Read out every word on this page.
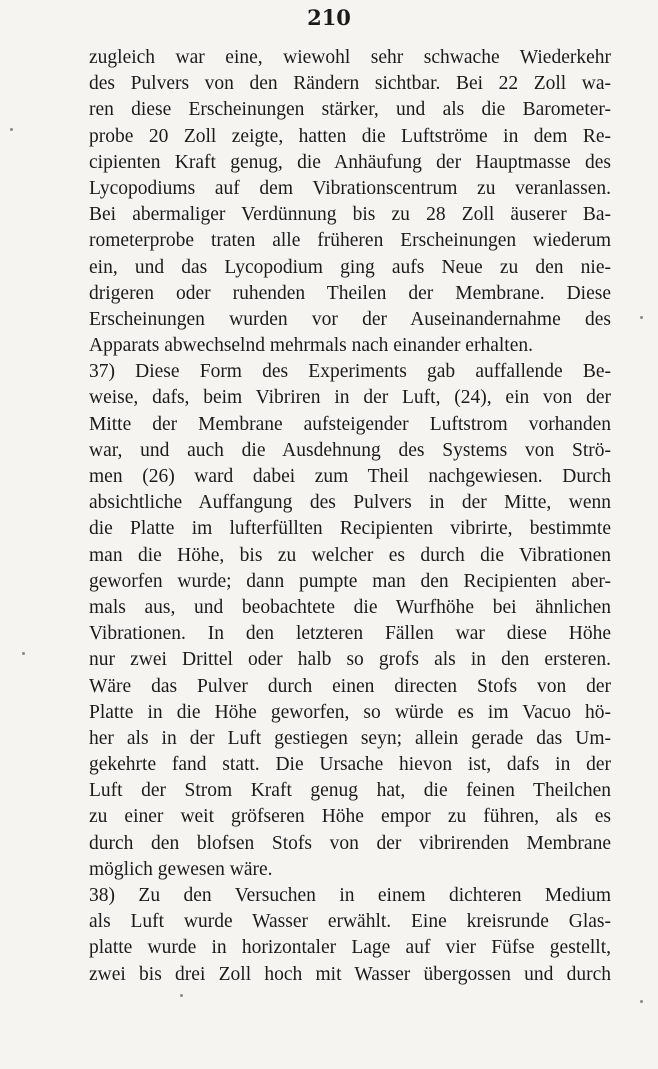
210
zugleich war eine, wiewohl sehr schwache Wiederkehr
des Pulvers von den Rändern sichtbar. Bei 22 Zoll wa-
ren diese Erscheinungen stärker, und als die Barometer-
probe 20 Zoll zeigte, hatten die Luftströme in dem Re-
cipienten Kraft genug, die Anhäufung der Hauptmasse des
Lycopodiums auf dem Vibrationscentrum zu veranlassen.
Bei abermaliger Verdünnung bis zu 28 Zoll äuserer Ba-
rometerprobe traten alle früheren Erscheinungen wiederum
ein, und das Lycopodium ging aufs Neue zu den nie-
drigeren oder ruhenden Theilen der Membrane. Diese
Erscheinungen wurden vor der Auseinandernahme des
Apparats abwechselnd mehrmals nach einander erhalten.
37) Diese Form des Experiments gab auffallende Be-
weise, dafs, beim Vibriren in der Luft, (24), ein von der
Mitte der Membrane aufsteigender Luftstrom vorhanden
war, und auch die Ausdehnung des Systems von Strö-
men (26) ward dabei zum Theil nachgewiesen. Durch
absichtliche Auffangung des Pulvers in der Mitte, wenn
die Platte im lufterfüllten Recipienten vibrirte, bestimmte
man die Höhe, bis zu welcher es durch die Vibrationen
geworfen wurde; dann pumpte man den Recipienten aber-
mals aus, und beobachtete die Wurfhöhe bei ähnlichen
Vibrationen. In den letzteren Fällen war diese Höhe
nur zwei Drittel oder halb so grofs als in den ersteren.
Wäre das Pulver durch einen directen Stofs von der
Platte in die Höhe geworfen, so würde es im Vacuo hö-
her als in der Luft gestiegen seyn; allein gerade das Um-
gekehrte fand statt. Die Ursache hievon ist, dafs in der
Luft der Strom Kraft genug hat, die feinen Theilchen
zu einer weit gröfseren Höhe empor zu führen, als es
durch den blofsen Stofs von der vibrirenden Membrane
möglich gewesen wäre.
38) Zu den Versuchen in einem dichteren Medium
als Luft wurde Wasser erwählt. Eine kreisrunde Glas-
platte wurde in horizontaler Lage auf vier Füfse gestellt,
zwei bis drei Zoll hoch mit Wasser übergossen und durch
